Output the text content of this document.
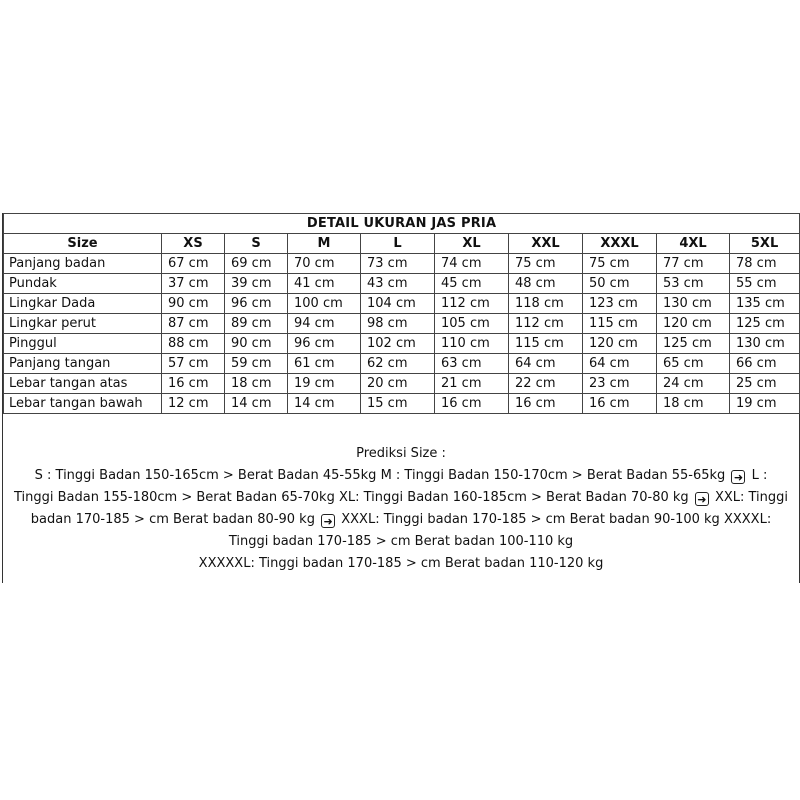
DETAIL UKURAN JAS PRIA									
Size	XS	S	M	L	XL	XXL	XXXL	4XL	5XL
Panjang badan	67 cm	69 cm	70 cm	73 cm	74 cm	75 cm	75 cm	77 cm	78 cm
Pundak	37 cm	39 cm	41 cm	43 cm	45 cm	48 cm	50 cm	53 cm	55 cm
Lingkar Dada	90 cm	96 cm	100 cm	104 cm	112 cm	118 cm	123 cm	130 cm	135 cm
Lingkar perut	87 cm	89 cm	94 cm	98 cm	105 cm	112 cm	115 cm	120 cm	125 cm
Pinggul	88 cm	90 cm	96 cm	102 cm	110 cm	115 cm	120 cm	125 cm	130 cm
Panjang tangan	57 cm	59 cm	61 cm	62 cm	63 cm	64 cm	64 cm	65 cm	66 cm
Lebar tangan atas	16 cm	18 cm	19 cm	20 cm	21 cm	22 cm	23 cm	24 cm	25 cm
Lebar tangan bawah	12 cm	14 cm	14 cm	15 cm	16 cm	16 cm	16 cm	18 cm	19 cm
Prediksi Size :
S : Tinggi Badan 150-165cm > Berat Badan 45-55kg M : Tinggi Badan 150-170cm > Berat Badan 55-65kg ➜ L : Tinggi Badan 155-180cm > Berat Badan 65-70kg XL: Tinggi Badan 160-185cm > Berat Badan 70-80 kg ➜ XXL: Tinggi badan 170-185 > cm Berat badan 80-90 kg ➜ XXXL: Tinggi badan 170-185 > cm Berat badan 90-100 kg XXXXL: Tinggi badan 170-185 > cm Berat badan 100-110 kg
XXXXXL: Tinggi badan 170-185 > cm Berat badan 110-120 kg
